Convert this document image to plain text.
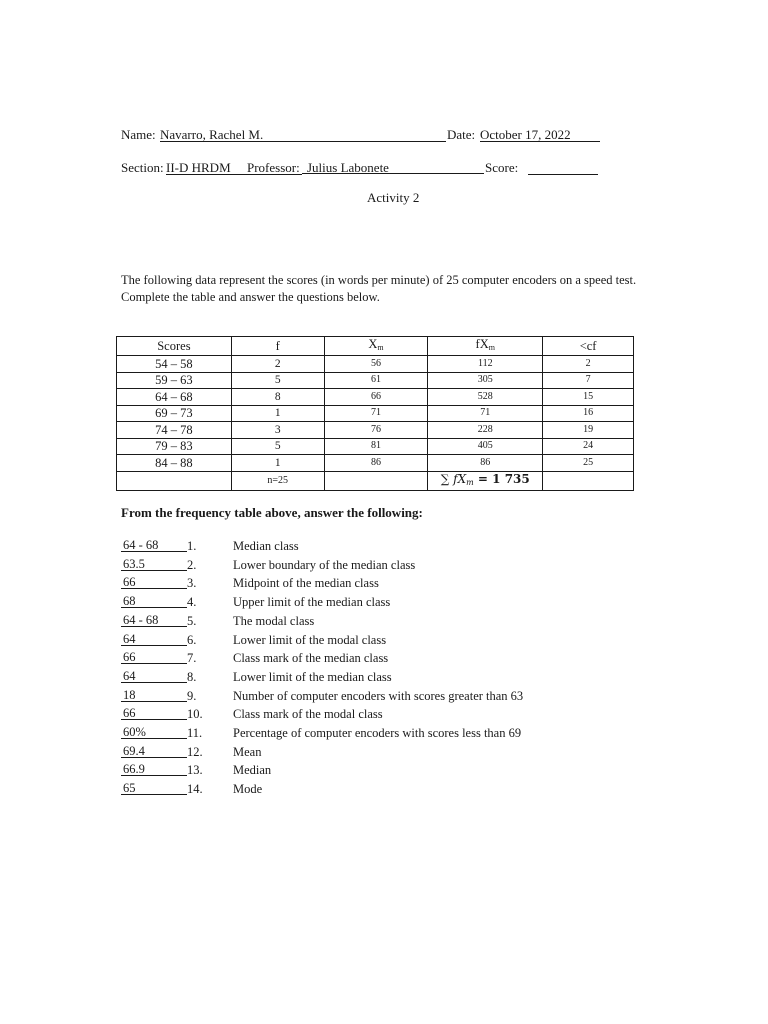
Name: Navarro, Rachel M.	Date: October 17, 2022
Section: II-D HRDM	Professor: Julius Labonete	Score:
Activity 2
The following data represent the scores (in words per minute) of 25 computer encoders on a speed test. Complete the table and answer the questions below.
Scores	f	$X_m$	$fX_m$	<cf
54 – 58	2	56	112	2
59 – 63	5	61	305	7
64 – 68	8	66	528	15
69 – 73	1	71	71	16
74 – 78	3	76	228	19
79 – 83	5	81	405	24
84 – 88	1	86	86	25
	n=25		∑ $fX_m = 1$ 735	
From the frequency table above, answer the following:
64 - 68	1.	Median class
63.5	2.	Lower boundary of the median class
66	3.	Midpoint of the median class
68	4.	Upper limit of the median class
64 - 68	5.	The modal class
64	6.	Lower limit of the modal class
66	7.	Class mark of the median class
64	8.	Lower limit of the median class
18	9.	Number of computer encoders with scores greater than 63
66	10. Class mark of the modal class
60%	11. Percentage of computer encoders with scores less than 69
69.4	12. Mean
66.9	13. Median
65	14. Mode
